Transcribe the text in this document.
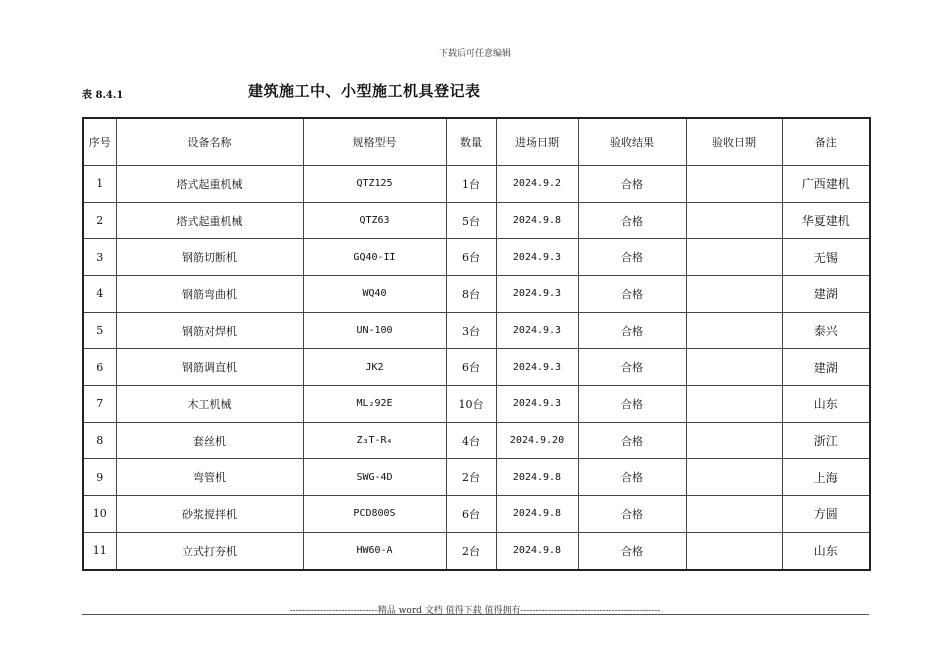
下载后可任意编辑
表 8.4.1	建筑施工中、小型施工机具登记表
序号	设备名称	规格型号	数量	进场日期	验收结果	验收日期	备注
1	塔式起重机械	QTZ125	1台	2024.9.2	合格		广西建机
2	塔式起重机械	QTZ63	5台	2024.9.8	合格		华夏建机
3	钢筋切断机	GQ40-II	6台	2024.9.3	合格		无锡
4	钢筋弯曲机	WQ40	8台	2024.9.3	合格		建湖
5	钢筋对焊机	UN-100	3台	2024.9.3	合格		泰兴
6	钢筋调直机	JK2	6台	2024.9.3	合格		建湖
7	木工机械	ML₂92E	10台	2024.9.3	合格		山东
8	套丝机	Z₃T-R₄	4台	2024.9.20	合格		浙江
9	弯管机	SWG-4D	2台	2024.9.8	合格		上海
10	砂浆搅拌机	PCD800S	6台	2024.9.8	合格		方圆
11	立式打夯机	HW60-A	2台	2024.9.8	合格		山东
-----------------------------精品 word 文档 值得下载 值得拥有----------------------------------------------
